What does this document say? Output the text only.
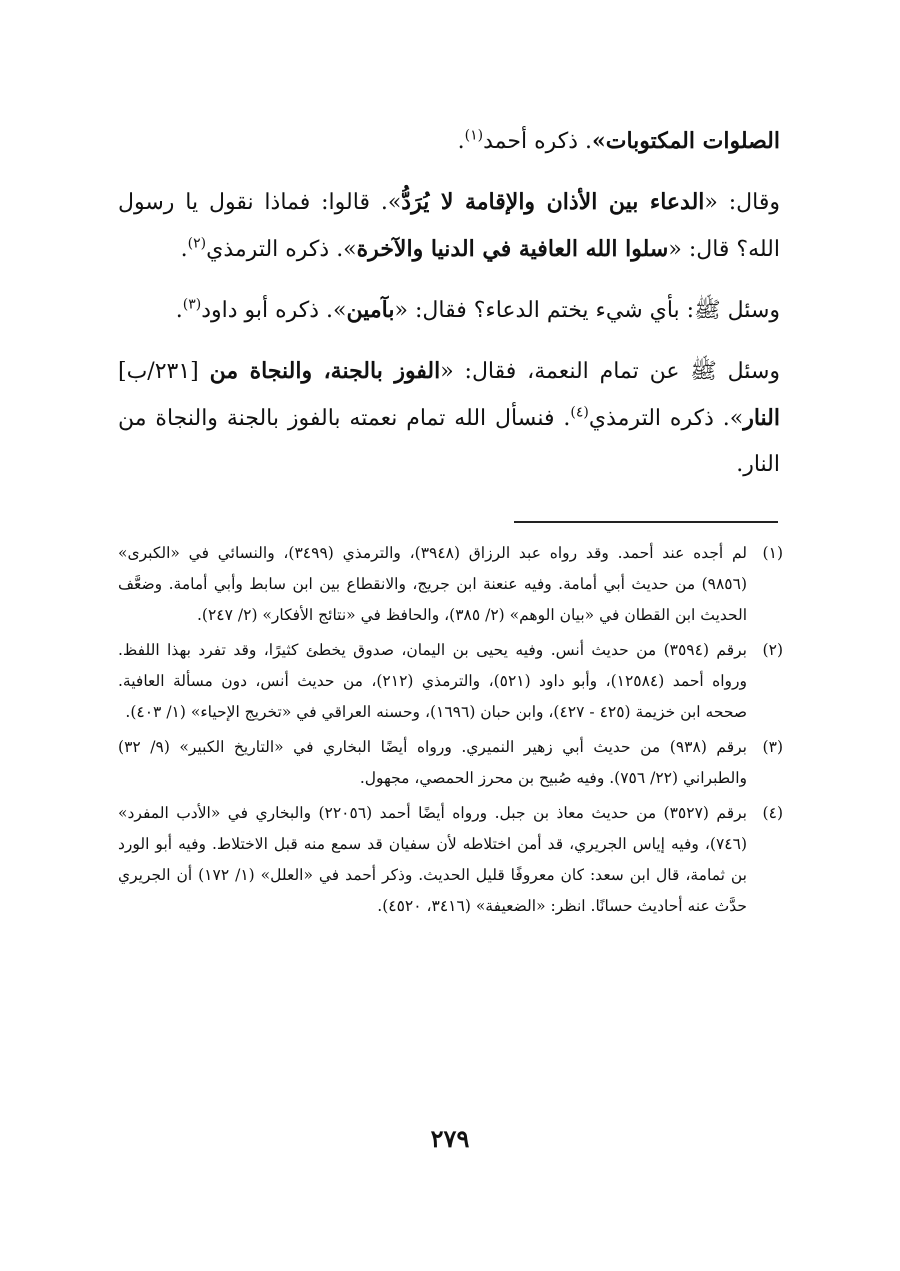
الصلوات المكتوبات». ذكره أحمد$^{(١)}$.

وقال: «الدعاء بين الأذان والإقامة لا يُرَدُّ». قالوا: فماذا نقول يا رسول الله؟ قال: «سلوا الله العافية في الدنيا والآخرة». ذكره الترمذي$^{(٢)}$.

وسئل ﷺ: بأي شيء يختم الدعاء؟ فقال: «بآمين». ذكره أبو داود$^{(٣)}$.

وسئل ﷺ عن تمام النعمة، فقال: «الفوز بالجنة، والنجاة من [٢٣١/ب] النار». ذكره الترمذي$^{(٤)}$. فنسأل الله تمام نعمته بالفوز بالجنة والنجاة من النار.

(١)
لم أجده عند أحمد. وقد رواه عبد الرزاق (٣٩٤٨)، والترمذي (٣٤٩٩)، والنسائي في «الكبرى» (٩٨٥٦) من حديث أبي أمامة. وفيه عنعنة ابن جريج، والانقطاع بين ابن سابط وأبي أمامة. وضعَّف الحديث ابن القطان في «بيان الوهم» (٢/ ٣٨٥)، والحافظ في «نتائج الأفكار» (٢/ ٢٤٧).
(٢)
برقم (٣٥٩٤) من حديث أنس. وفيه يحيى بن اليمان، صدوق يخطئ كثيرًا، وقد تفرد بهذا اللفظ. ورواه أحمد (١٢٥٨٤)، وأبو داود (٥٢١)، والترمذي (٢١٢)، من حديث أنس، دون مسألة العافية. صححه ابن خزيمة (٤٢٥ - ٤٢٧)، وابن حبان (١٦٩٦)، وحسنه العراقي في «تخريج الإحياء» (١/ ٤٠٣).
(٣)
برقم (٩٣٨) من حديث أبي زهير النميري. ورواه أيضًا البخاري في «التاريخ الكبير» (٩/ ٣٢) والطبراني (٢٢/ ٧٥٦). وفيه صُبيح بن محرز الحمصي، مجهول.
(٤)
برقم (٣٥٢٧) من حديث معاذ بن جبل. ورواه أيضًا أحمد (٢٢٠٥٦) والبخاري في «الأدب المفرد» (٧٤٦)، وفيه إياس الجريري، قد أمن اختلاطه لأن سفيان قد سمع منه قبل الاختلاط. وفيه أبو الورد بن ثمامة، قال ابن سعد: كان معروفًا قليل الحديث. وذكر أحمد في «العلل» (١/ ١٧٢) أن الجريري حدَّث عنه أحاديث حسانًا. انظر: «الضعيفة» (٣٤١٦، ٤٥٢٠).
٢٧٩
